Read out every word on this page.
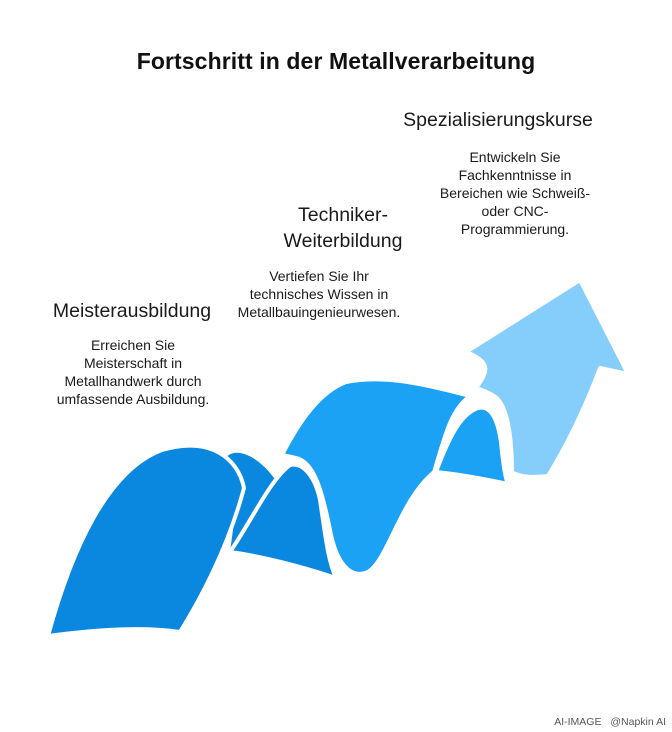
Fortschritt in der Metallverarbeitung
Meisterausbildung
Erreichen Sie
Meisterschaft in
Metallhandwerk durch
umfassende Ausbildung.
Techniker-
Weiterbildung
Vertiefen Sie Ihr
technisches Wissen in
Metallbauingenieurwesen.
Spezialisierungskurse
Entwickeln Sie
Fachkenntnisse in
Bereichen wie Schweiß-
oder CNC-
Programmierung.
AI-IMAGE @Napkin AI
